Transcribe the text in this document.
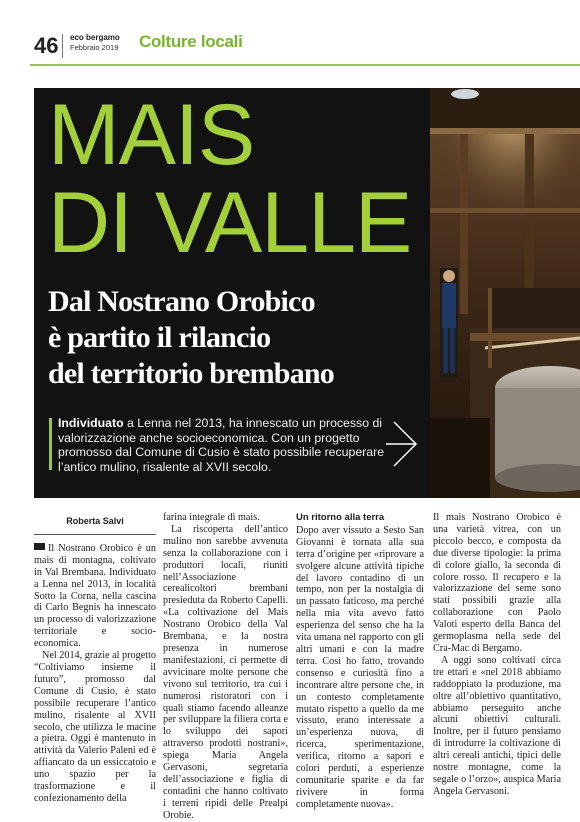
46 eco bergamo
Febbraio 2019 Colture locali
MAIS
DI VALLE
Dal Nostrano Orobico
è partito il rilancio
del territorio brembano
Individuato a Lenna nel 2013, ha innescato un processo di valorizzazione anche socioeconomica. Con un progetto promosso dal Comune di Cusio è stato possibile recuperare l’antico mulino, risalente al XVII secolo.
Roberta Salvi

Il Nostrano Orobico è un mais di montagna, coltivato in Val Brembana. Individuato a Lenna nel 2013, in località Sotto la Corna, nella cascina di Carlo Begnis ha innescato un processo di valorizzazione territoriale e socio-economica.

Nel 2014, grazie al progetto “Coltiviamo insieme il futuro”, promosso dal Comune di Cusio, è stato possibile recuperare l’antico mulino, risalente al XVII secolo, che utilizza le macine a pietra. Oggi è mantenuto in attività da Valerio Paleni ed è affiancato da un essiccatoio e uno spazio per la trasformazione e il confezionamento della

farina integrale di mais.

La riscoperta dell’antico mulino non sarebbe avvenuta senza la collaborazione con i produttori locali, riuniti nell’Associazione cerealicoltori brembani presieduta da Roberto Capelli. «La coltivazione del Mais Nostrano Orobico della Val Brembana, e la nostra presenza in numerose manifestazioni, ci permette di avvicinare molte persone che vivono sul territorio, tra cui i numerosi ristoratori con i quali stiamo facendo alleanze per sviluppare la filiera corta e lo sviluppo dei sapori attraverso prodotti nostrani», spiega Maria Angela Gervasoni, segretaria dell’associazione e figlia di contadini che hanno coltivato i terreni ripidi delle Prealpi Orobie.

Un ritorno alla terra

Dopo aver vissuto a Sesto San Giovanni è tornata alla sua terra d’origine per «riprovare a svolgere alcune attività tipiche del lavoro contadino di un tempo, non per la nostalgia di un passato faticoso, ma perché nella mia vita avevo fatto esperienza del senso che ha la vita umana nel rapporto con gli altri umani e con la madre terra. Così ho fatto, trovando consenso e curiosità fino a incontrare altre persone che, in un contesto completamente mutato rispetto a quello da me vissuto, erano interessate a un’esperienza nuova, di ricerca, sperimentazione, verifica, ritorno a sapori e colori perduti, a esperienze comunitarie sparite e da far rivivere in forma completamente nuova».

Il mais Nostrano Orobico è una varietà vitrea, con un piccolo becco, e composta da due diverse tipologie: la prima di colore giallo, la seconda di colore rosso. Il recupero e la valorizzazione del seme sono stati possibili grazie alla collaborazione con Paolo Valoti esperto della Banca del germoplasma nella sede del Cra-Mac di Bergamo.

A oggi sono coltivati circa tre ettari e «nel 2018 abbiamo raddoppiato la produzione, ma oltre all’obiettivo quantitativo, abbiamo perseguito anche alcuni obiettivi culturali. Inoltre, per il futuro pensiamo di introdurre la coltivazione di altri cereali antichi, tipici delle nostre montagne, come la segale o l’orzo», auspica Maria Angela Gervasoni.
